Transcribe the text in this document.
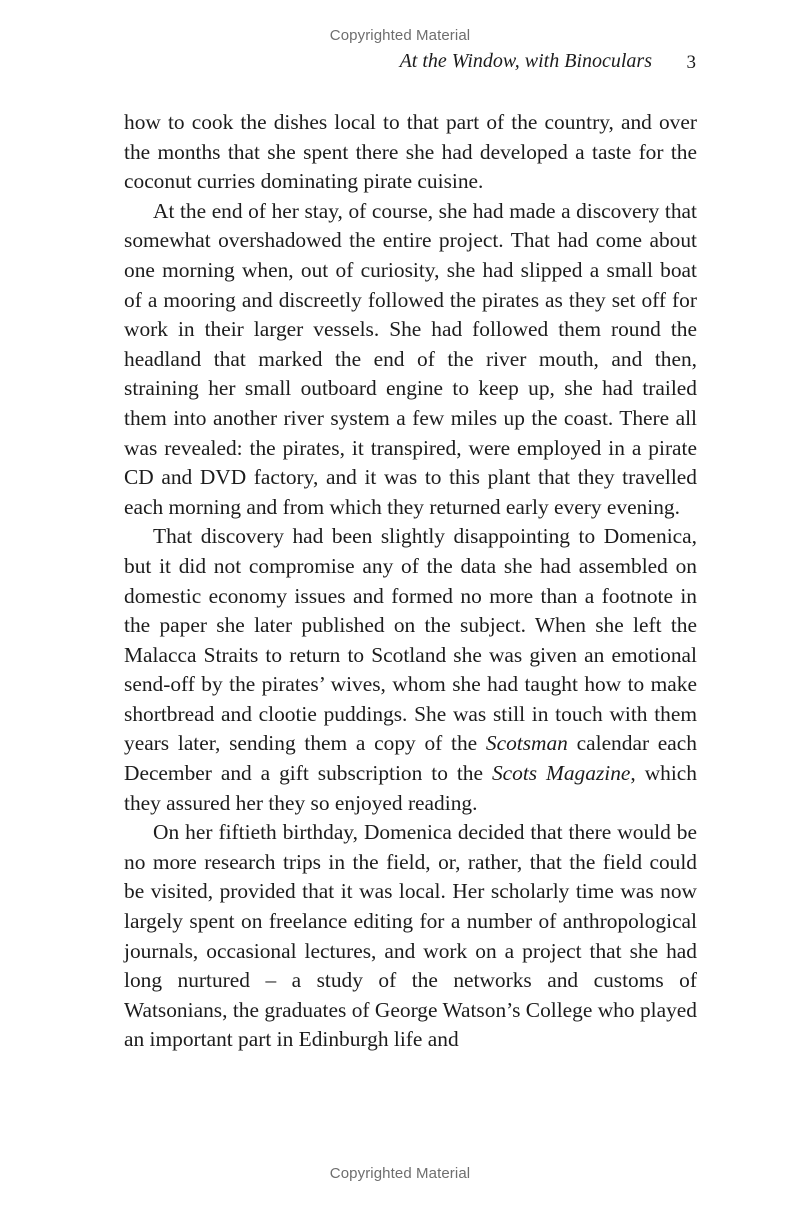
Copyrighted Material
At the Window, with Binoculars 3

how to cook the dishes local to that part of the country, and over the months that she spent there she had developed a taste for the coconut curries dominating pirate cuisine.

At the end of her stay, of course, she had made a discovery that somewhat overshadowed the entire project. That had come about one morning when, out of curiosity, she had slipped a small boat of a mooring and discreetly followed the pirates as they set off for work in their larger vessels. She had followed them round the headland that marked the end of the river mouth, and then, straining her small outboard engine to keep up, she had trailed them into another river system a few miles up the coast. There all was revealed: the pirates, it transpired, were employed in a pirate CD and DVD factory, and it was to this plant that they travelled each morning and from which they returned early every evening.

That discovery had been slightly disappointing to Domenica, but it did not compromise any of the data she had assembled on domestic economy issues and formed no more than a footnote in the paper she later published on the subject. When she left the Malacca Straits to return to Scotland she was given an emotional send-off by the pirates’ wives, whom she had taught how to make shortbread and clootie puddings. She was still in touch with them years later, sending them a copy of the Scotsman calendar each December and a gift subscription to the Scots Magazine, which they assured her they so enjoyed reading.

On her fiftieth birthday, Domenica decided that there would be no more research trips in the field, or, rather, that the field could be visited, provided that it was local. Her scholarly time was now largely spent on freelance editing for a number of anthropological journals, occasional lectures, and work on a project that she had long nurtured – a study of the networks and customs of Watsonians, the graduates of George Watson’s College who played an important part in Edinburgh life and

Copyrighted Material
